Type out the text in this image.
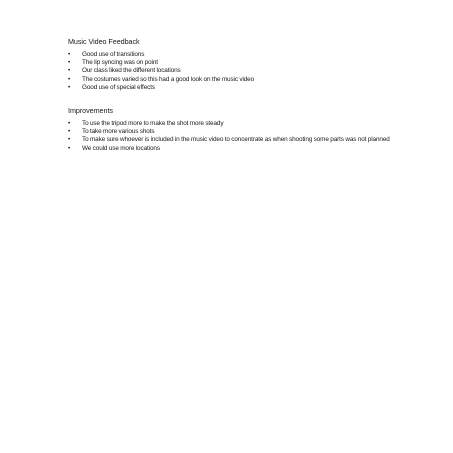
Music Video Feedback
• Good use of transitions
• The lip syncing was on point
• Our class liked the different locations
• The costumes varied so this had a good look on the music video
• Good use of special effects
Improvements
• To use the tripod more to make the shot more steady
• To take more various shots
• To make sure whoever is included in the music video to concentrate as when shooting some parts was not planned
• We could use more locations
